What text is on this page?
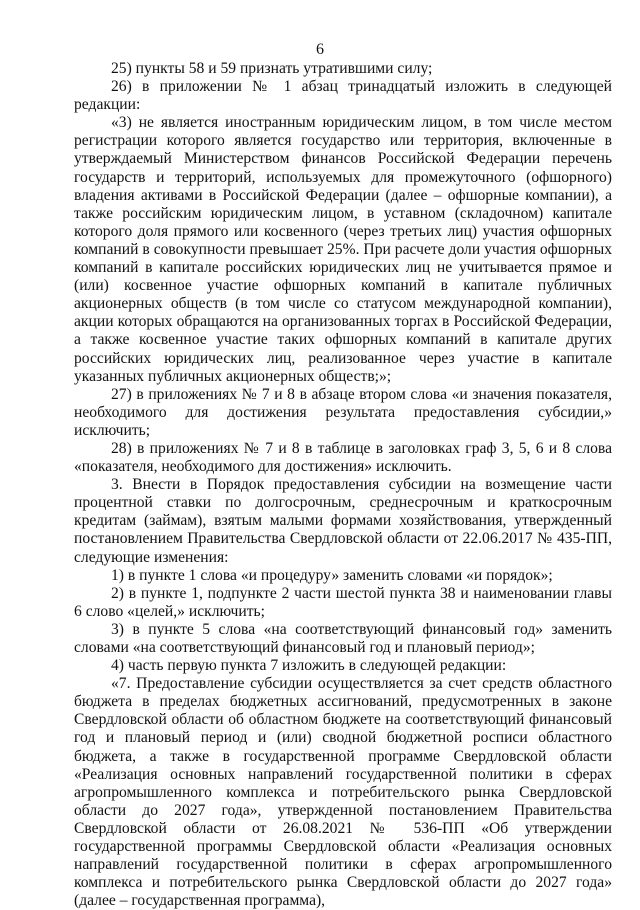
6

25) пункты 58 и 59 признать утратившими силу;

26) в приложении № 1 абзац тринадцатый изложить в следующей редакции:

«3) не является иностранным юридическим лицом, в том числе местом регистрации которого является государство или территория, включенные в утверждаемый Министерством финансов Российской Федерации перечень государств и территорий, используемых для промежуточного (офшорного) владения активами в Российской Федерации (далее – офшорные компании), а также российским юридическим лицом, в уставном (складочном) капитале которого доля прямого или косвенного (через третьих лиц) участия офшорных компаний в совокупности превышает 25%. При расчете доли участия офшорных компаний в капитале российских юридических лиц не учитывается прямое и (или) косвенное участие офшорных компаний в капитале публичных акционерных обществ (в том числе со статусом международной компании), акции которых обращаются на организованных торгах в Российской Федерации, а также косвенное участие таких офшорных компаний в капитале других российских юридических лиц, реализованное через участие в капитале указанных публичных акционерных обществ;»;

27) в приложениях № 7 и 8 в абзаце втором слова «и значения показателя, необходимого для достижения результата предоставления субсидии,» исключить;

28) в приложениях № 7 и 8 в таблице в заголовках граф 3, 5, 6 и 8 слова «показателя, необходимого для достижения» исключить.

3. Внести в Порядок предоставления субсидии на возмещение части процентной ставки по долгосрочным, среднесрочным и краткосрочным кредитам (займам), взятым малыми формами хозяйствования, утвержденный постановлением Правительства Свердловской области от 22.06.2017 № 435-ПП, следующие изменения:

1) в пункте 1 слова «и процедуру» заменить словами «и порядок»;

2) в пункте 1, подпункте 2 части шестой пункта 38 и наименовании главы 6 слово «целей,» исключить;

3) в пункте 5 слова «на соответствующий финансовый год» заменить словами «на соответствующий финансовый год и плановый период»;

4) часть первую пункта 7 изложить в следующей редакции:

«7. Предоставление субсидии осуществляется за счет средств областного бюджета в пределах бюджетных ассигнований, предусмотренных в законе Свердловской области об областном бюджете на соответствующий финансовый год и плановый период и (или) сводной бюджетной росписи областного бюджета, а также в государственной программе Свердловской области «Реализация основных направлений государственной политики в сферах агропромышленного комплекса и потребительского рынка Свердловской области до 2027 года», утвержденной постановлением Правительства Свердловской области от 26.08.2021 № 536-ПП «Об утверждении государственной программы Свердловской области «Реализация основных направлений государственной политики в сферах агропромышленного комплекса и потребительского рынка Свердловской области до 2027 года» (далее – государственная программа),
